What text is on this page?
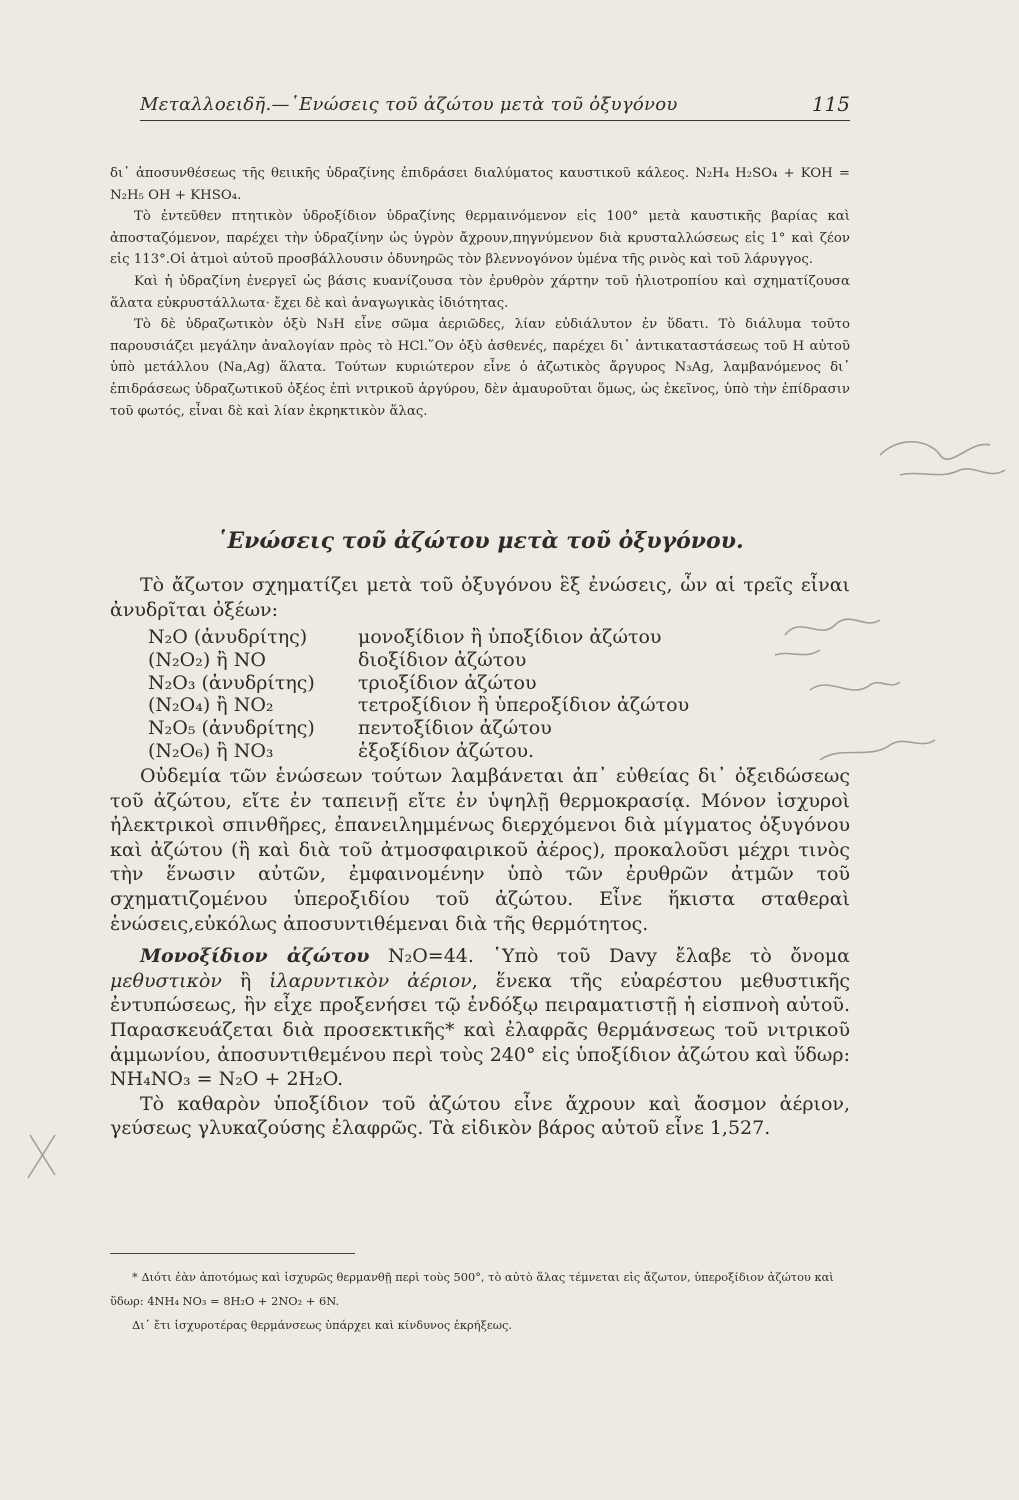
Μεταλλοειδῆ.—῾Ενώσεις τοῦ ἀζώτου μετὰ τοῦ ὀξυγόνου	115

δι᾽ ἀποσυνθέσεως τῆς θειικῆς ὑδραζίνης ἐπιδράσει διαλύματος καυστικοῦ κάλεος. N₂H₄ H₂SO₄ + KOH = N₂H₅ OH + KHSO₄.

Τὸ ἐντεῦθεν πτητικὸν ὑδροξίδιον ὑδραζίνης θερμαινόμενον εἰς 100° μετὰ καυστικῆς βαρίας καὶ ἀποσταζόμενον, παρέχει τὴν ὑδραζίνην ὡς ὑγρὸν ἄχρουν,πηγνύμενον διὰ κρυσταλλώσεως εἰς 1° καὶ ζέον εἰς 113°.Οἱ ἀτμοὶ αὐτοῦ προσβάλλουσιν ὀδυνηρῶς τὸν βλεννογόνον ὑμένα τῆς ρινὸς καὶ τοῦ λάρυγγος.

Καὶ ἡ ὑδραζίνη ἐνεργεῖ ὡς βάσις κυανίζουσα τὸν ἐρυθρὸν χάρτην τοῦ ἡλιοτροπίου καὶ σχηματίζουσα ἅλατα εὐκρυστάλλωτα· ἔχει δὲ καὶ ἀναγωγικὰς ἰδιότητας.

Τὸ δὲ ὑδραζωτικὸν ὀξὺ N₃H εἶνε σῶμα ἀεριῶδες, λίαν εὐδιάλυτον ἐν ὕδατι. Τὸ διάλυμα τοῦτο παρουσιάζει μεγάλην ἀναλογίαν πρὸς τὸ HCl.῞Ον ὀξὺ ἀσθενές, παρέχει δι᾽ ἀντικαταστάσεως τοῦ H αὐτοῦ ὑπὸ μετάλλου (Na,Ag) ἅλατα. Τούτων κυριώτερον εἶνε ὁ ἀζωτικὸς ἄργυρος N₃Ag, λαμβανόμενος δι᾽ ἐπιδράσεως ὑδραζωτικοῦ ὀξέος ἐπὶ νιτρικοῦ ἀργύρου, δὲν ἀμαυροῦται ὅμως, ὡς ἐκεῖνος, ὑπὸ τὴν ἐπίδρασιν τοῦ φωτός, εἶναι δὲ καὶ λίαν ἐκρηκτικὸν ἅλας.

῾Ενώσεις τοῦ ἀζώτου μετὰ τοῦ ὀξυγόνου.

Τὸ ἄζωτον σχηματίζει μετὰ τοῦ ὀξυγόνου ἓξ ἐνώσεις, ὧν αἱ τρεῖς εἶναι ἀνυδρῖται ὀξέων:

N₂O (ἀνυδρίτης)	μονοξίδιον ἢ ὑποξίδιον ἀζώτου
(N₂O₂) ἢ NO	διοξίδιον ἀζώτου
N₂O₃ (ἀνυδρίτης) τριοξίδιον ἀζώτου
(N₂O₄) ἢ NO₂	τετροξίδιον ἢ ὑπεροξίδιον ἀζώτου
N₂O₅ (ἀνυδρίτης) πεντοξίδιον ἀζώτου
(N₂O₆) ἢ NO₃	ἑξοξίδιον ἀζώτου.

Οὐδεμία τῶν ἑνώσεων τούτων λαμβάνεται ἀπ᾽ εὐθείας δι᾽ ὀξειδώσεως τοῦ ἀζώτου, εἴτε ἐν ταπεινῇ εἴτε ἐν ὑψηλῇ θερμοκρασίᾳ. Μόνον ἰσχυροὶ ἠλεκτρικοὶ σπινθῆρες, ἐπανειλημμένως διερχόμενοι διὰ μίγματος ὀξυγόνου καὶ ἀζώτου (ἢ καὶ διὰ τοῦ ἀτμοσφαιρικοῦ ἀέρος), προκαλοῦσι μέχρι τινὸς τὴν ἕνωσιν αὐτῶν, ἐμφαινομένην ὑπὸ τῶν ἐρυθρῶν ἀτμῶν τοῦ σχηματιζομένου ὑπεροξιδίου τοῦ ἀζώτου. Εἶνε ἥκιστα σταθεραὶ ἑνώσεις,εὐκόλως ἀποσυντιθέμεναι διὰ τῆς θερμότητος.

Μονοξίδιον ἀζώτου N₂O=44. ῾Υπὸ τοῦ Davy ἔλαβε τὸ ὄνομα μεθυστικὸν ἢ ἱλαρυντικὸν ἀέριον, ἕνεκα τῆς εὐαρέστου μεθυστικῆς ἐντυπώσεως, ἣν εἶχε προξενήσει τῷ ἐνδόξῳ πειραματιστῇ ἡ εἰσπνοὴ αὐτοῦ. Παρασκευάζεται διὰ προσεκτικῆς* καὶ ἐλαφρᾶς θερμάνσεως τοῦ νιτρικοῦ ἀμμωνίου, ἀποσυντιθεμένου περὶ τοὺς 240° εἰς ὑποξίδιον ἀζώτου καὶ ὕδωρ: NH₄NO₃ = N₂O + 2H₂O.

Τὸ καθαρὸν ὑποξίδιον τοῦ ἀζώτου εἶνε ἄχρουν καὶ ἄοσμον ἀέριον, γεύσεως γλυκαζούσης ἐλαφρῶς. Τὰ εἰδικὸν βάρος αὐτοῦ εἶνε 1,527.

* Διότι ἐὰν ἀποτόμως καὶ ἰσχυρῶς θερμανθῇ περὶ τοὺς 500°, τὸ αὐτὸ ἅλας τέμνεται εἰς ἄζωτον, ὑπεροξίδιον ἀζώτου καὶ ὕδωρ: 4NH₄ NO₃ = 8H₂O + 2NO₂ + 6N.

Δι᾽ ἔτι ἰσχυροτέρας θερμάνσεως ὑπάρχει καὶ κίνδυνος ἐκρήξεως.
